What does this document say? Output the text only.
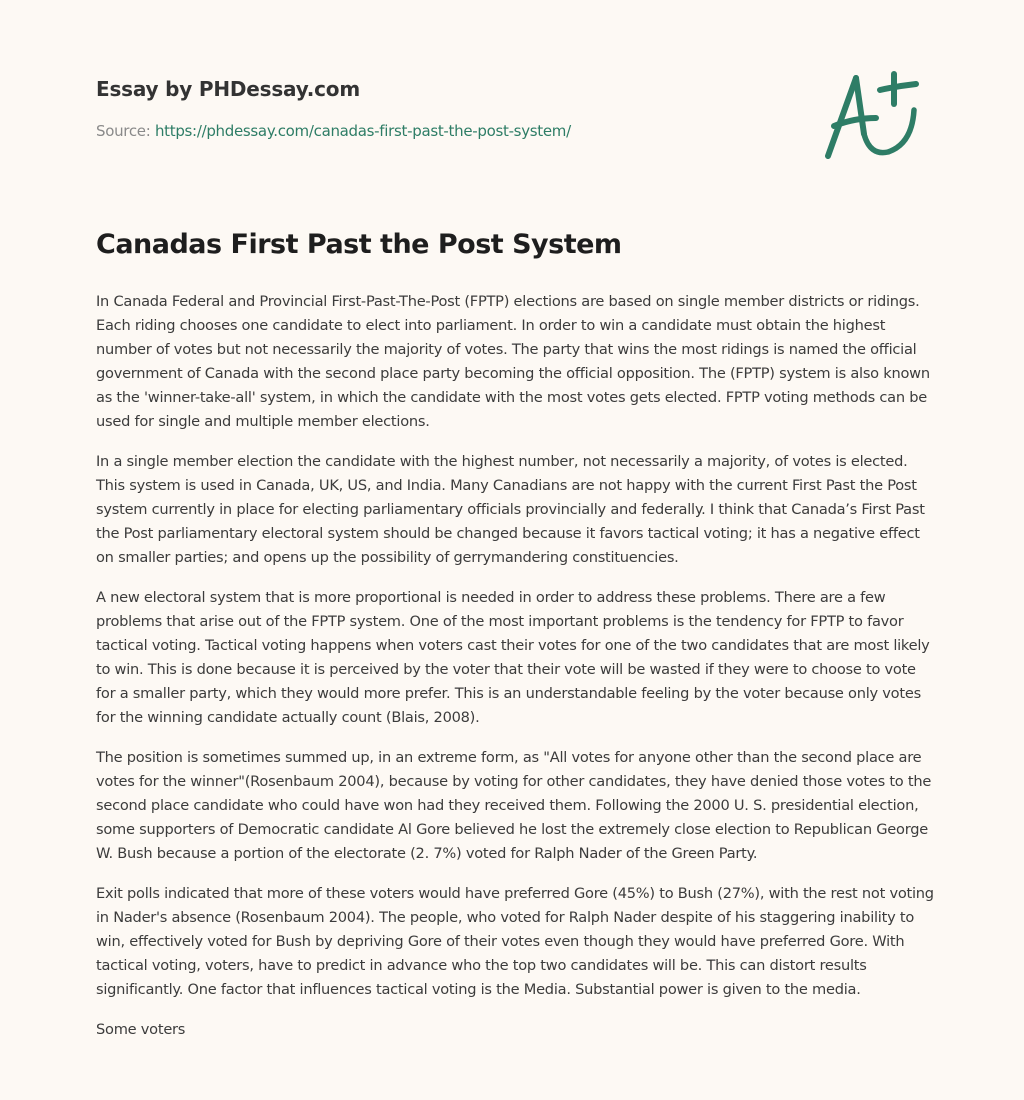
Essay by PHDessay.com
Source: https://phdessay.com/canadas-first-past-the-post-system/
Canadas First Past the Post System

In Canada Federal and Provincial First-Past-The-Post (FPTP) elections are based on single member districts or ridings. Each riding chooses one candidate to elect into parliament. In order to win a candidate must obtain the highest number of votes but not necessarily the majority of votes. The party that wins the most ridings is named the official government of Canada with the second place party becoming the official opposition. The (FPTP) system is also known as the 'winner-take-all' system, in which the candidate with the most votes gets elected. FPTP voting methods can be used for single and multiple member elections.

In a single member election the candidate with the highest number, not necessarily a majority, of votes is elected. This system is used in Canada, UK, US, and India. Many Canadians are not happy with the current First Past the Post system currently in place for electing parliamentary officials provincially and federally. I think that Canada’s First Past the Post parliamentary electoral system should be changed because it favors tactical voting; it has a negative effect on smaller parties; and opens up the possibility of gerrymandering constituencies.

A new electoral system that is more proportional is needed in order to address these problems. There are a few problems that arise out of the FPTP system. One of the most important problems is the tendency for FPTP to favor tactical voting. Tactical voting happens when voters cast their votes for one of the two candidates that are most likely to win. This is done because it is perceived by the voter that their vote will be wasted if they were to choose to vote for a smaller party, which they would more prefer. This is an understandable feeling by the voter because only votes for the winning candidate actually count (Blais, 2008).

The position is sometimes summed up, in an extreme form, as "All votes for anyone other than the second place are votes for the winner"(Rosenbaum 2004), because by voting for other candidates, they have denied those votes to the second place candidate who could have won had they received them. Following the 2000 U. S. presidential election, some supporters of Democratic candidate Al Gore believed he lost the extremely close election to Republican George W. Bush because a portion of the electorate (2. 7%) voted for Ralph Nader of the Green Party.

Exit polls indicated that more of these voters would have preferred Gore (45%) to Bush (27%), with the rest not voting in Nader's absence (Rosenbaum 2004). The people, who voted for Ralph Nader despite of his staggering inability to win, effectively voted for Bush by depriving Gore of their votes even though they would have preferred Gore. With tactical voting, voters, have to predict in advance who the top two candidates will be. This can distort results significantly. One factor that influences tactical voting is the Media. Substantial power is given to the media.

Some voters
